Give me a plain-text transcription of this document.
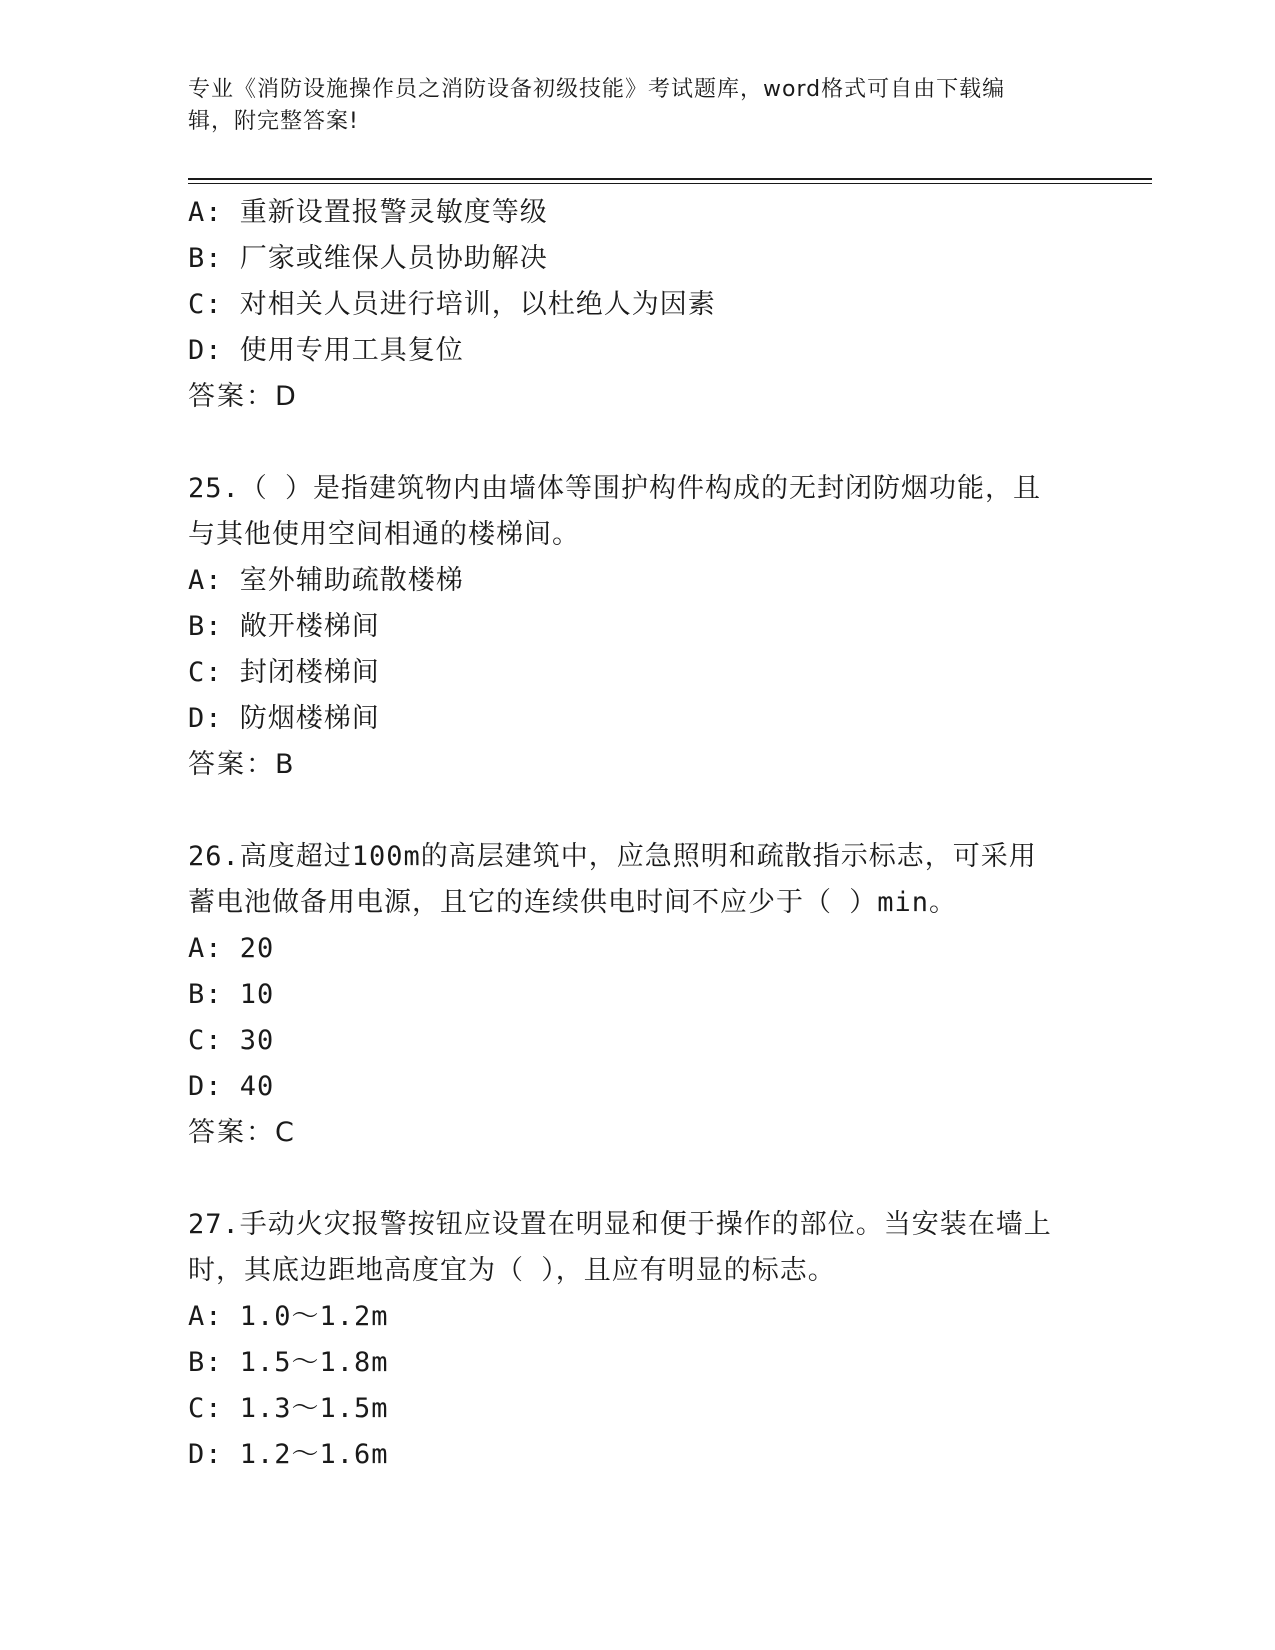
专业《消防设施操作员之消防设备初级技能》考试题库，word格式可自由下载编
辑，附完整答案!
A: 重新设置报警灵敏度等级
B: 厂家或维保人员协助解决
C: 对相关人员进行培训，以杜绝人为因素
D: 使用专用工具复位
答案：D
25.（ ）是指建筑物内由墙体等围护构件构成的无封闭防烟功能，且
与其他使用空间相通的楼梯间。
A: 室外辅助疏散楼梯
B: 敞开楼梯间
C: 封闭楼梯间
D: 防烟楼梯间
答案：B
26.高度超过100m的高层建筑中，应急照明和疏散指示标志，可采用
蓄电池做备用电源，且它的连续供电时间不应少于（ ）min。
A: 20
B: 10
C: 30
D: 40
答案：C
27.手动火灾报警按钮应设置在明显和便于操作的部位。当安装在墙上
时，其底边距地高度宜为（ ），且应有明显的标志。
A: 1.0～1.2m
B: 1.5～1.8m
C: 1.3～1.5m
D: 1.2～1.6m
